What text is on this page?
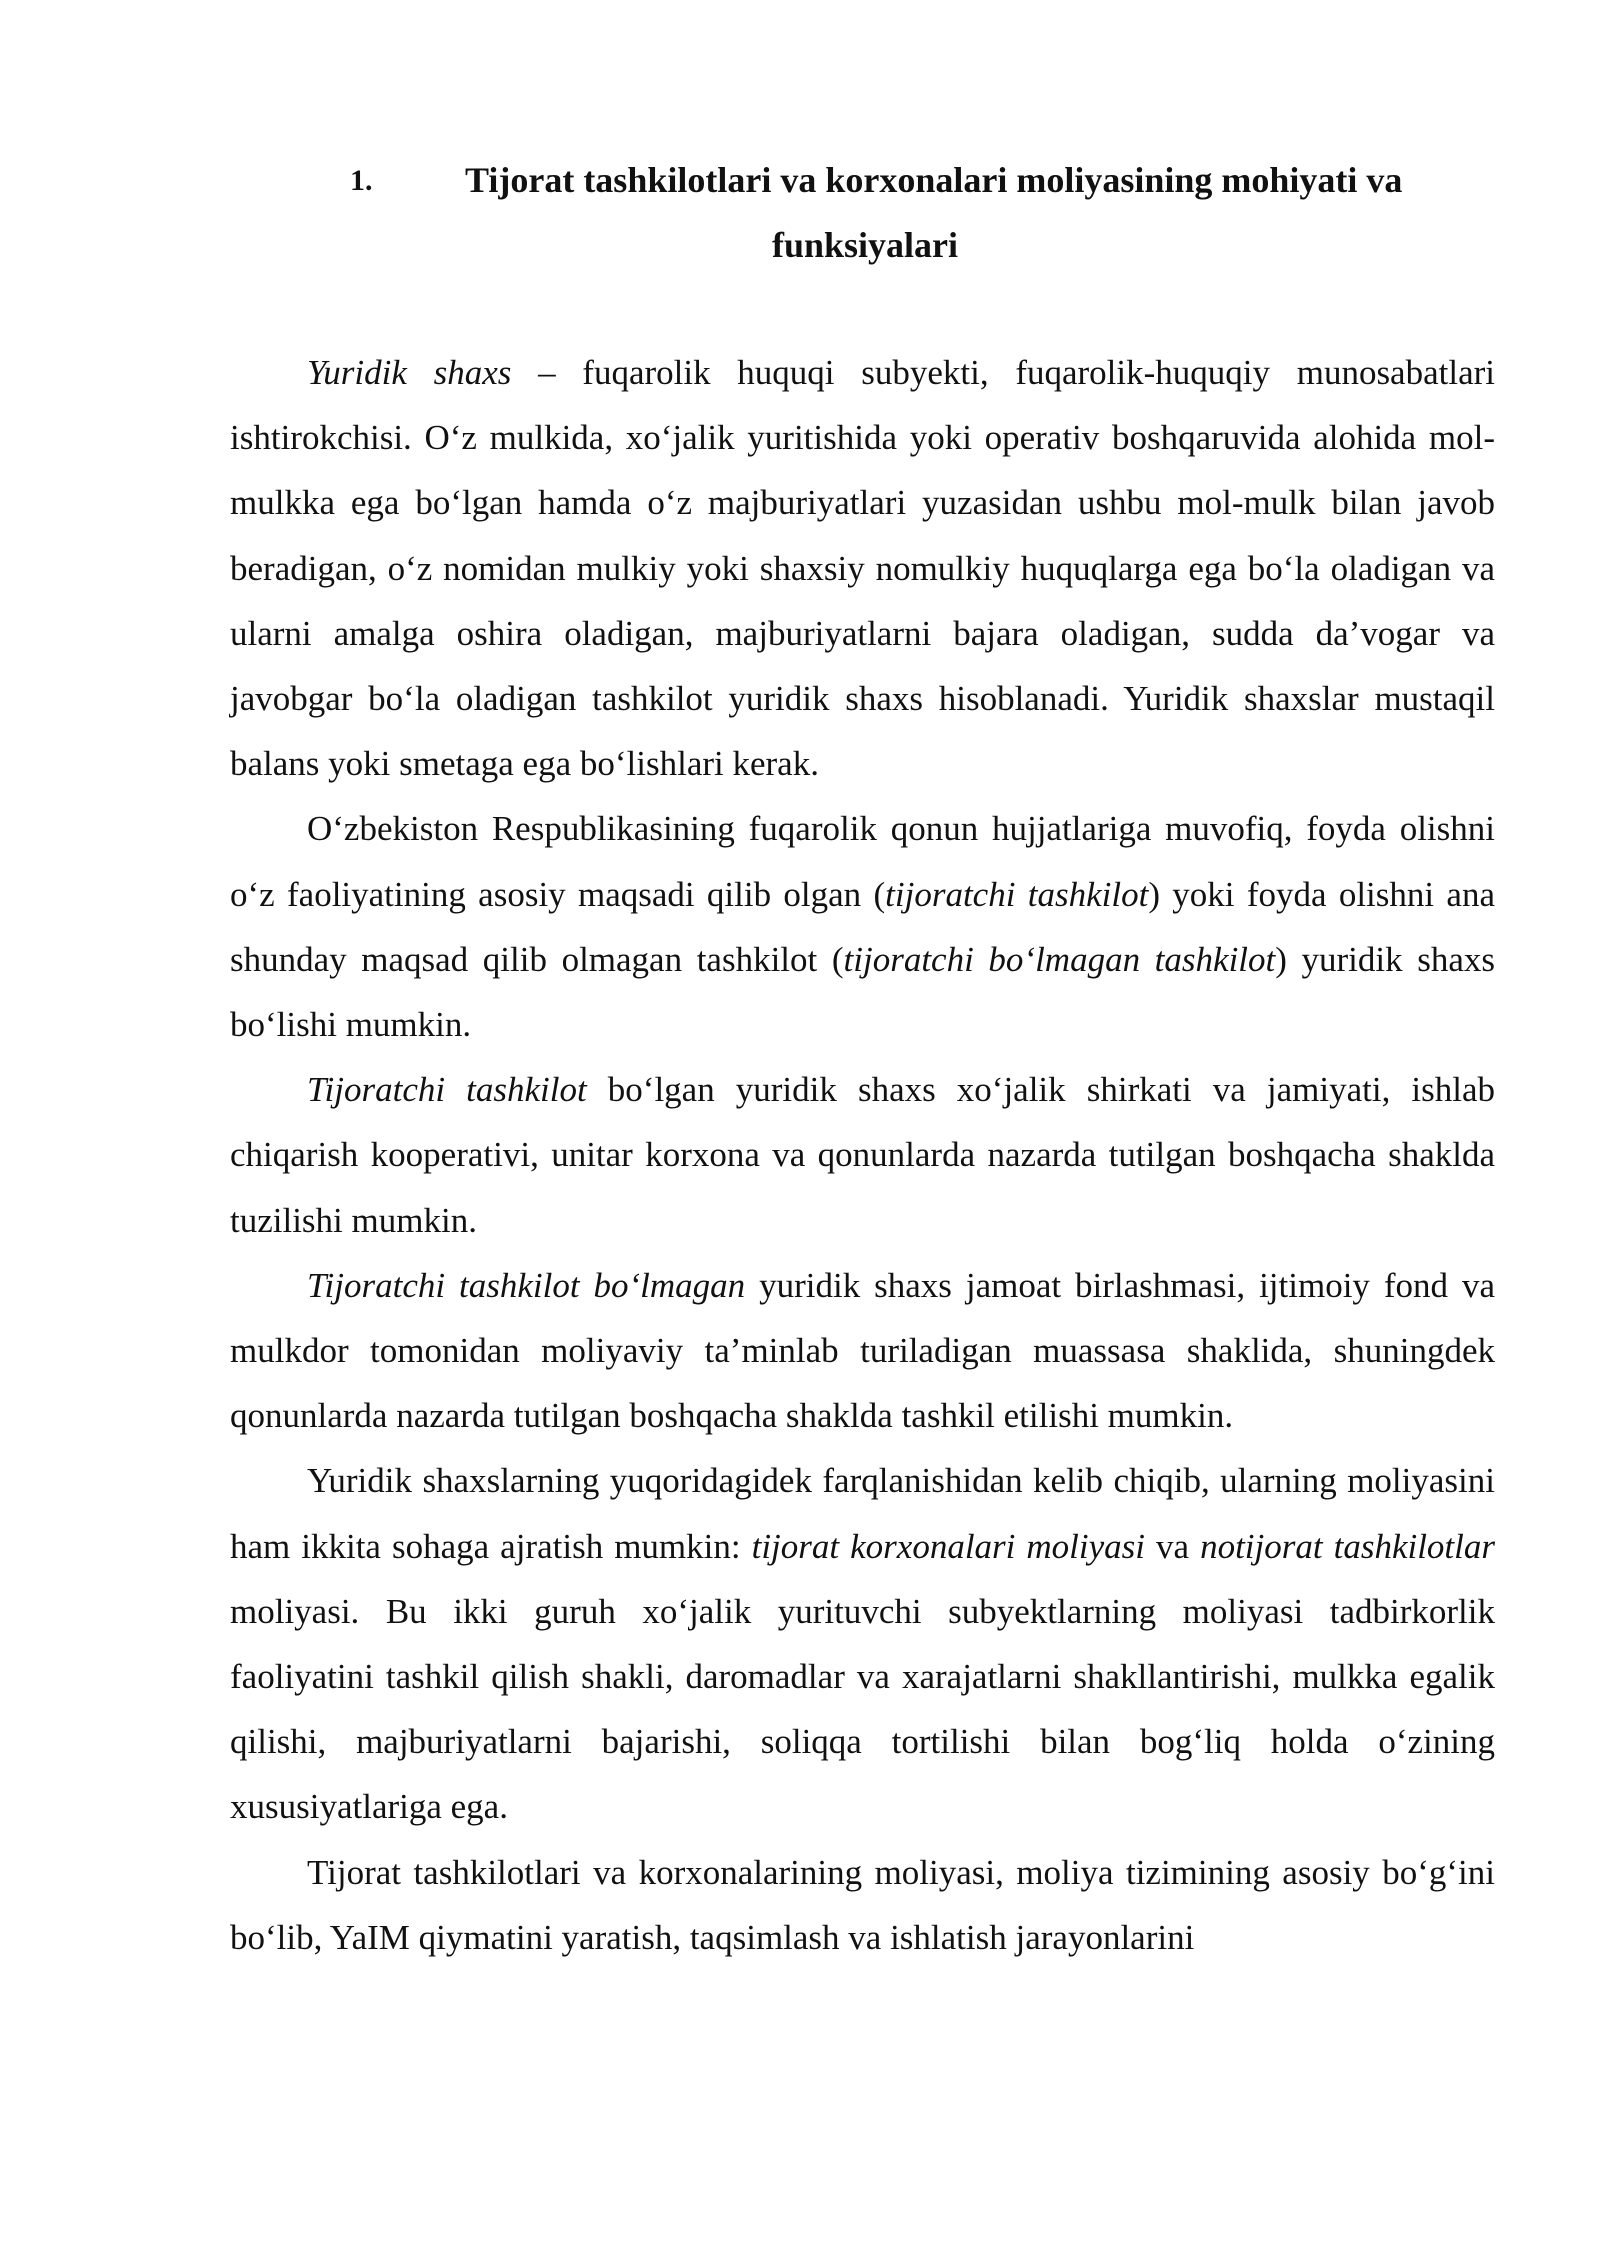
1.	Tijorat tashkilotlari va korxonalari moliyasining mohiyati va
funksiyalari

Yuridik shaxs – fuqarolik huquqi subyekti, fuqarolik-huquqiy munosabatlari ishtirokchisi. O‘z mulkida, xo‘jalik yuritishida yoki operativ boshqaruvida alohida mol-mulkka ega bo‘lgan hamda o‘z majburiyatlari yuzasidan ushbu mol-mulk bilan javob beradigan, o‘z nomidan mulkiy yoki shaxsiy nomulkiy huquqlarga ega bo‘la oladigan va ularni amalga oshira oladigan, majburiyatlarni bajara oladigan, sudda da’vogar va javobgar bo‘la oladigan tashkilot yuridik shaxs hisoblanadi. Yuridik shaxslar mustaqil balans yoki smetaga ega bo‘lishlari kerak.

O‘zbekiston Respublikasining fuqarolik qonun hujjatlariga muvofiq, foyda olishni o‘z faoliyatining asosiy maqsadi qilib olgan (tijoratchi tashkilot) yoki foyda olishni ana shunday maqsad qilib olmagan tashkilot (tijoratchi bo‘lmagan tashkilot) yuridik shaxs bo‘lishi mumkin.

Tijoratchi tashkilot bo‘lgan yuridik shaxs xo‘jalik shirkati va jamiyati, ishlab chiqarish kooperativi, unitar korxona va qonunlarda nazarda tutilgan boshqacha shaklda tuzilishi mumkin.

Tijoratchi tashkilot bo‘lmagan yuridik shaxs jamoat birlashmasi, ijtimoiy fond va mulkdor tomonidan moliyaviy ta’minlab turiladigan muassasa shaklida, shuningdek qonunlarda nazarda tutilgan boshqacha shaklda tashkil etilishi mumkin.

Yuridik shaxslarning yuqoridagidek farqlanishidan kelib chiqib, ularning moliyasini ham ikkita sohaga ajratish mumkin: tijorat korxonalari moliyasi va notijorat tashkilotlar moliyasi. Bu ikki guruh xo‘jalik yurituvchi subyektlarning moliyasi tadbirkorlik faoliyatini tashkil qilish shakli, daromadlar va xarajatlarni shakllantirishi, mulkka egalik qilishi, majburiyatlarni bajarishi, soliqqa tortilishi bilan bog‘liq holda o‘zining xususiyatlariga ega.

Tijorat tashkilotlari va korxonalarining moliyasi, moliya tizimining asosiy bo‘g‘ini bo‘lib, YaIM qiymatini yaratish, taqsimlash va ishlatish jarayonlarini
